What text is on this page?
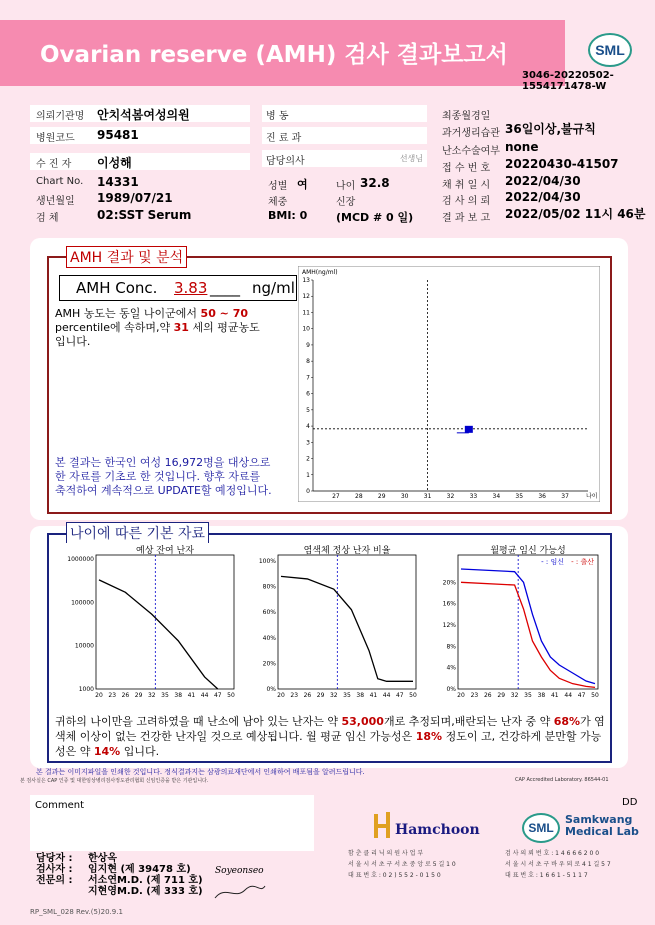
Ovarian reserve (AMH) 검사 결과보고서	SML
3046-20220502-1554171478-W
의뢰기관명 안치석봄여성의원
병원코드 95481
수 진 자 이성해
Chart No. 14331
생년월일 1989/07/21
검 체	02:SST Serum
병 동
진 료 과
담당의사	선생님
성별 여	나이 32.8
체중	신장
BMI: 0	(MCD # 0 일)
최종월경일
과거생리습관 36일이상,불규칙
난소수술여부 none
접 수 번 호 20220430-41507
채 취 일 시 2022/04/30
검 사 의 뢰 2022/04/30
결 과 보 고 2022/05/02 11시 46분
AMH 결과 및 분석
AMH Conc. 3.83 ____ ng/ml
AMH 농도는 동일 나이군에서 50 ~ 70
percentile에 속하며,약 31 세의 평균농도
입니다.
본 결과는 한국인 여성 16,972명을 대상으로
한 자료를 기초로 한 것입니다. 향후 자료를
축적하여 계속적으로 UPDATE할 예정입니다.
AMH(ng/ml)
0
1
2
3
4
5
6
7
8
9
10
11
12
13
27	28	29	30	31	32	33	34	35	36	37	나이
나이에 따른 기본 자료
예상 잔여 난자
1000000
100000
10000
1000
20 23 26 29 32 35 38 41 44 47 50
염색체 정상 난자 비율
100%
80%
60%
40%
20%
0%
20 23 26 29 32 35 38 41 44 47 50
월평균 임신 가능성
20%
16%
12%
8%
4%
0%
20 23 26 29 32 35 38 41 44 47 50
- : 출산
- : 임신
귀하의 나이만을 고려하였을 때 난소에 남아 있는 난자는 약 53,000개로 추정되며,배란되는 난자 중 약 68%가 염색체 이상이 없는 건강한 난자일 것으로 예상됩니다. 월 평균 임신 가능성은 18% 정도이 고, 건강하게 분만할 가능성은 약 14% 입니다.
본 결과는 이미지파일을 인쇄한 것입니다. 정식결과지는 삼광의료재단에서 인쇄하여 배포됨을 알려드립니다.
본 검사실은 CAP 인증 및 대한임상병리검사정도관리협회 신임인증을 받은 기관입니다.	CAP Accredited Laboratory. 86544-01
Comment	DD
담당자 :
검사자 :
전문의 :
한상옥
임지현 (제 39478 호)
서소연M.D. (제 711 호)
지현영M.D. (제 333 호)
Soyeonseo
Hamchoon
함 춘 클 리 닉 의 원 사 업 부
서 울 시 서 초 구 서 초 중 앙 로 5 길 1 0
대 표 번 호 : 0 2 ) 5 5 2 - 0 1 5 0
SML
Samkwang
Medical Lab
검 사 의 뢰 번 호 : 1 4 6 6 6 2 0 0
서 울 시 서 초 구 바 우 뫼 로 4 1 길 5 7
대 표 번 호 : 1 6 6 1 - 5 1 1 7
RP_SML_028 Rev.(5)20.9.1
